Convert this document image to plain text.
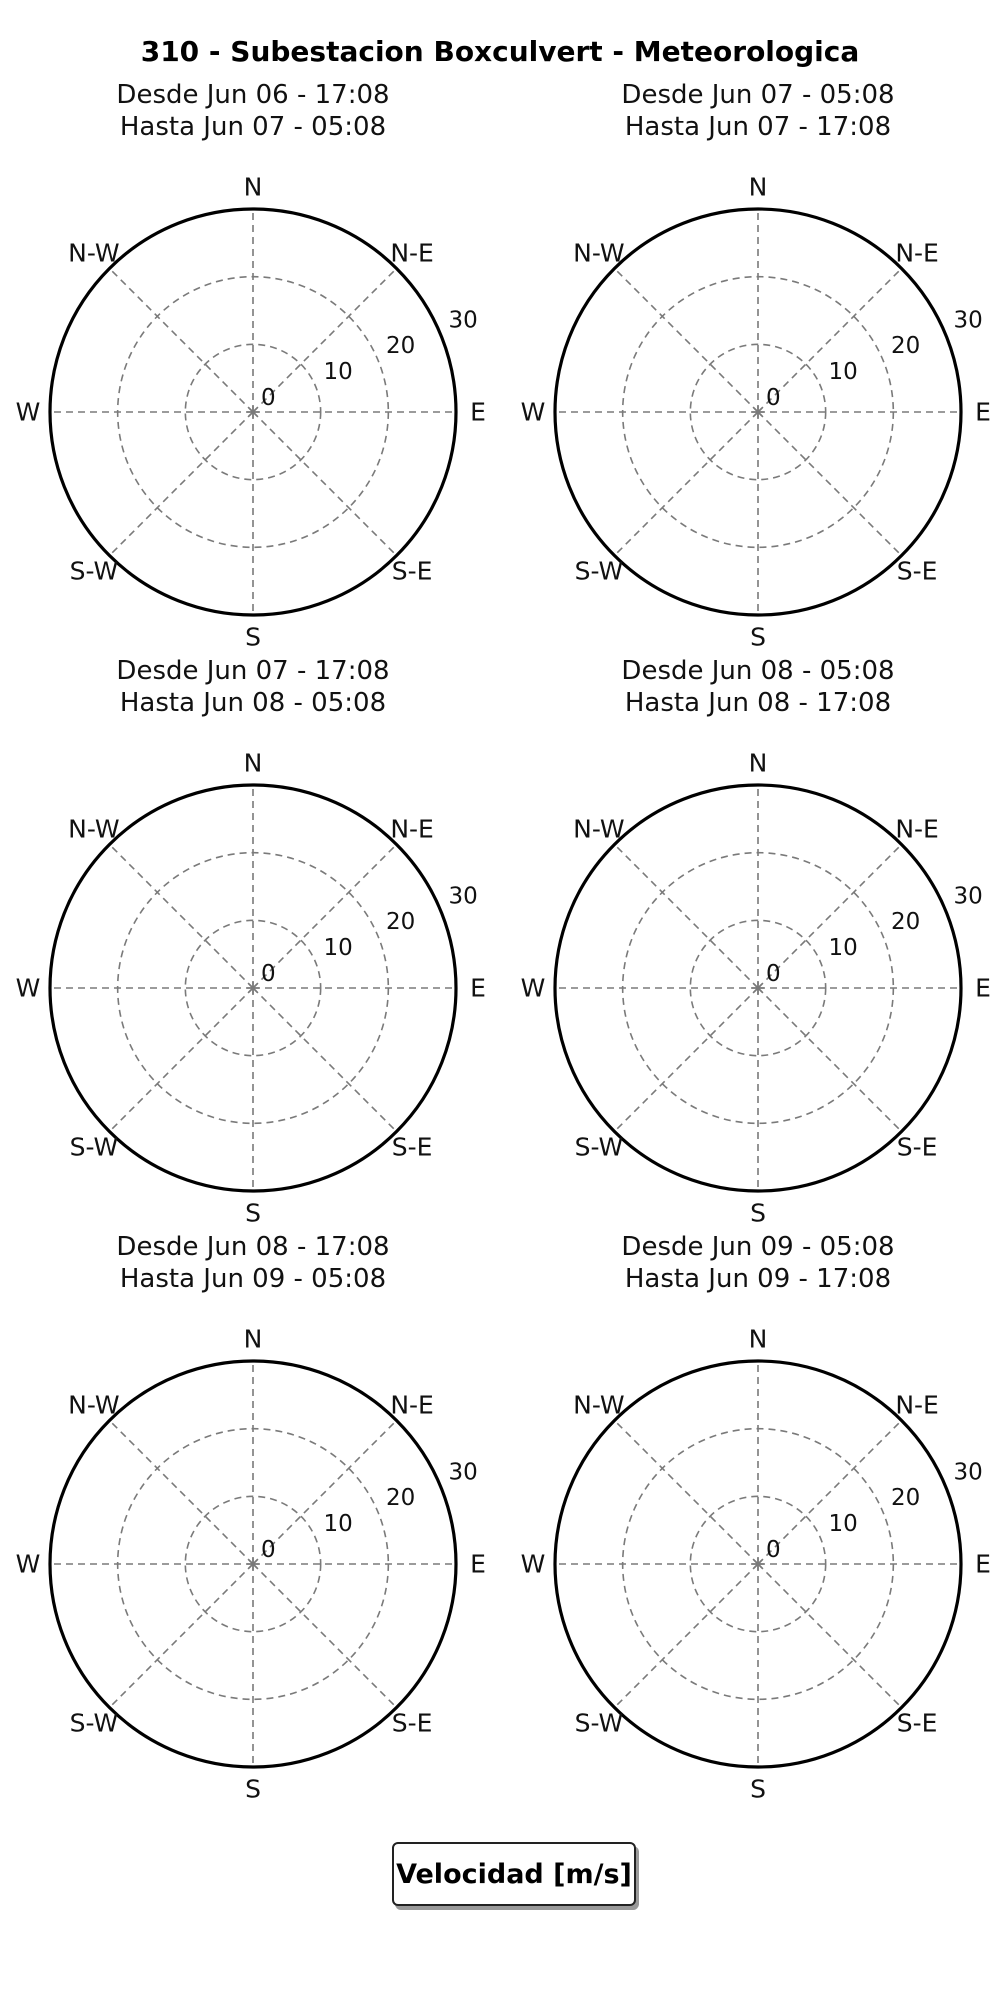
310 - Subestacion Boxculvert - Meteorologica
Desde Jun 06 - 17:08
Hasta Jun 07 - 05:08
N
N-E
E
S-E
S
S-W
W
N-W
0
10
20
30
Desde Jun 07 - 05:08
Hasta Jun 07 - 17:08
N
N-E
E
S-E
S
S-W
W
N-W
0
10
20
30
Desde Jun 07 - 17:08
Hasta Jun 08 - 05:08
N
N-E
E
S-E
S
S-W
W
N-W
0
10
20
30
Desde Jun 08 - 05:08
Hasta Jun 08 - 17:08
N
N-E
E
S-E
S
S-W
W
N-W
0
10
20
30
Desde Jun 08 - 17:08
Hasta Jun 09 - 05:08
N
N-E
E
S-E
S
S-W
W
N-W
0
10
20
30
Desde Jun 09 - 05:08
Hasta Jun 09 - 17:08
N
N-E
E
S-E
S
S-W
W
N-W
0
10
20
30
Velocidad [m/s]
